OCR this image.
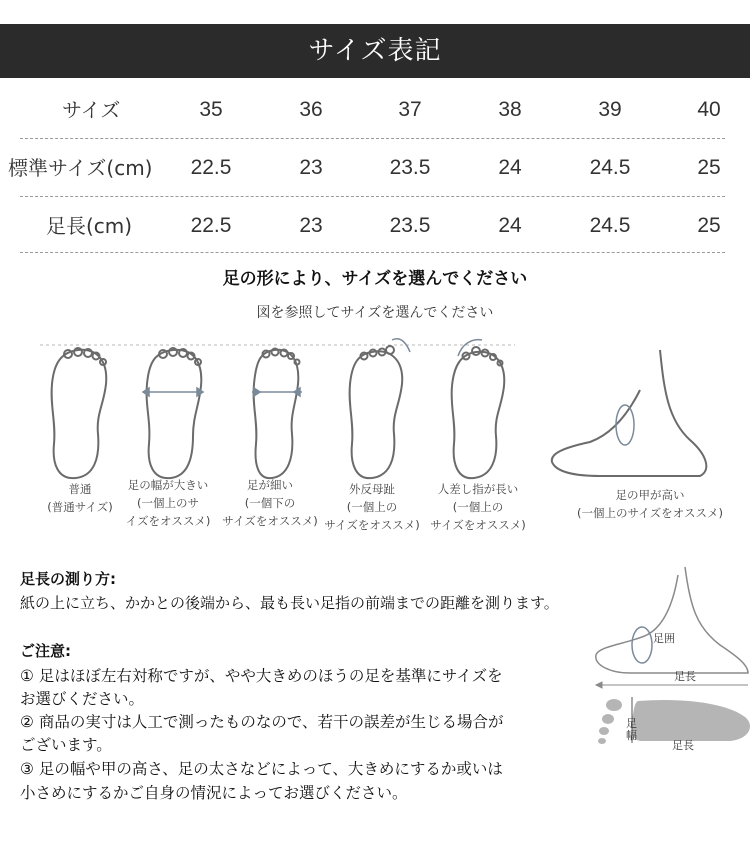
サイズ表記
サイズ	35	36	37	38	39	40
標準サイズ(cm)	22.5	23	23.5	24	24.5	25
足長(cm)	22.5	23	23.5	24	24.5	25
足の形により、サイズを選んでください
図を参照してサイズを選んでください
普通
(普通サイズ)
足の幅が大きい
(一個上のサ
イズをオススメ)
足が細い
(一個下の
サイズをオススメ)
外反母趾
(一個上の
サイズをオススメ)
人差し指が長い
(一個上の
サイズをオススメ)
足の甲が高い
(一個上のサイズをオススメ)
足長の測り方:
紙の上に立ち、かかとの後端から、最も長い足指の前端までの距離を測ります。
ご注意:
① 足はほぼ左右対称ですが、やや大きめのほうの足を基準にサイズを
お選びください。
② 商品の実寸は人工で測ったものなので、若干の誤差が生じる場合が
ございます。
③ 足の幅や甲の高さ、足の太さなどによって、大きめにするか或いは
小さめにするかご自身の情況によってお選びください。
足囲
足長
足幅
足長
